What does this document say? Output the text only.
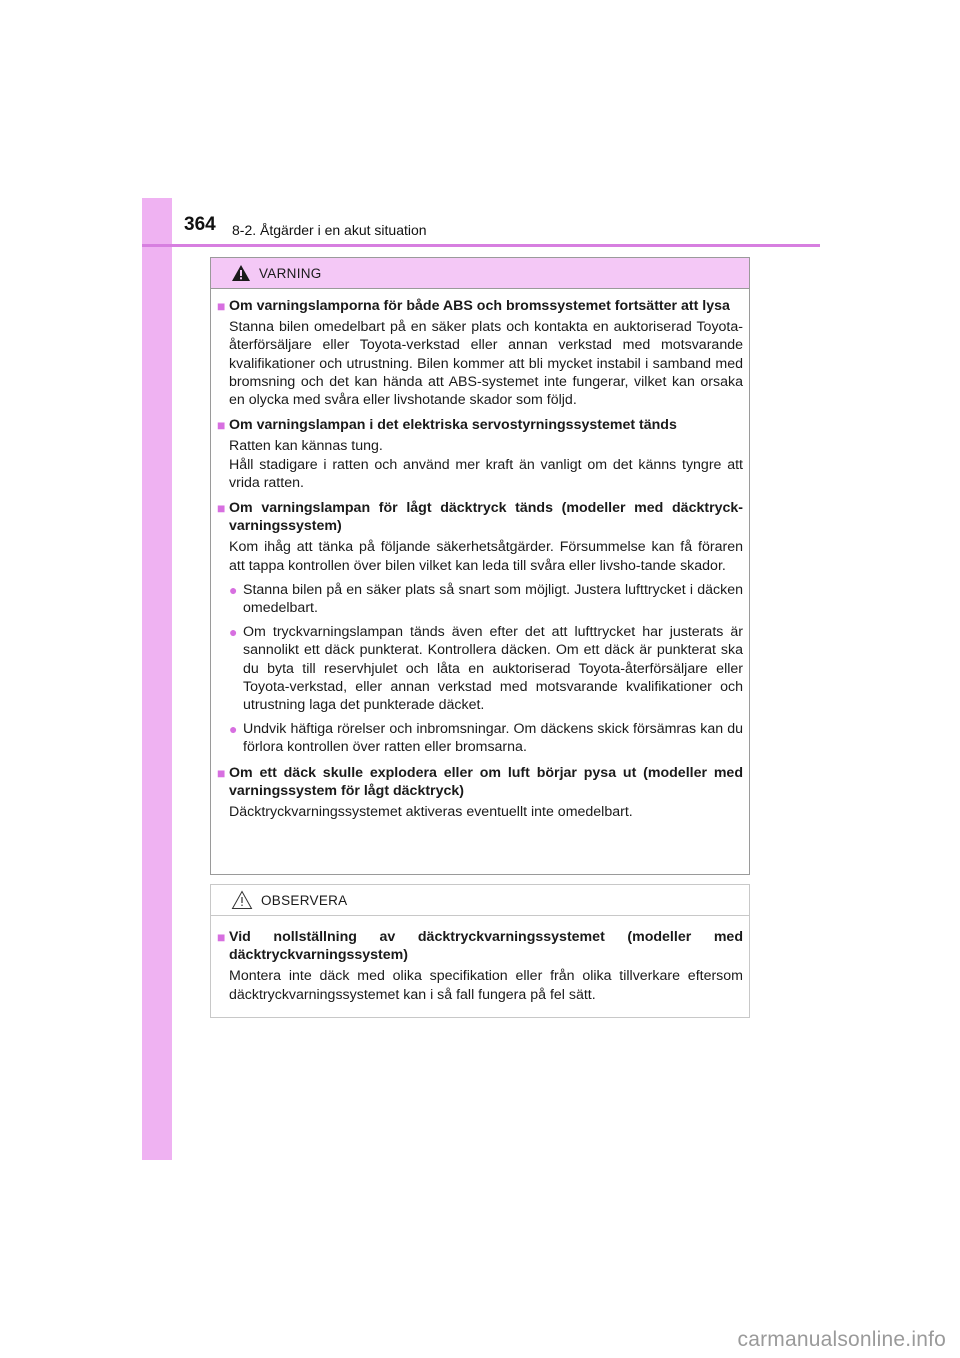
364 8-2. Åtgärder i en akut situation
VARNING
■ Om varningslamporna för både ABS och bromssystemet fortsätter att lysa
Stanna bilen omedelbart på en säker plats och kontakta en auktoriserad Toyota-återförsäljare eller Toyota-verkstad eller annan verkstad med motsvarande kvalifikationer och utrustning. Bilen kommer att bli mycket instabil i samband med bromsning och det kan hända att ABS-systemet inte fungerar, vilket kan orsaka en olycka med svåra eller livshotande skador som följd.
■ Om varningslampan i det elektriska servostyrningssystemet tänds
Ratten kan kännas tung.
Håll stadigare i ratten och använd mer kraft än vanligt om det känns tyngre att vrida ratten.
■ Om varningslampan för lågt däcktryck tänds (modeller med däcktryck-varningssystem)
Kom ihåg att tänka på följande säkerhetsåtgärder. Försummelse kan få föraren att tappa kontrollen över bilen vilket kan leda till svåra eller livsho-tande skador.
● Stanna bilen på en säker plats så snart som möjligt. Justera lufttrycket i däcken omedelbart.
● Om tryckvarningslampan tänds även efter det att lufttrycket har justerats är sannolikt ett däck punkterat. Kontrollera däcken. Om ett däck är punkterat ska du byta till reservhjulet och låta en auktoriserad Toyota-återförsäljare eller Toyota-verkstad, eller annan verkstad med motsvarande kvalifikationer och utrustning laga det punkterade däcket.
● Undvik häftiga rörelser och inbromsningar. Om däckens skick försämras kan du förlora kontrollen över ratten eller bromsarna.
■ Om ett däck skulle explodera eller om luft börjar pysa ut (modeller med varningssystem för lågt däcktryck)
Däcktryckvarningssystemet aktiveras eventuellt inte omedelbart.
OBSERVERA
■ Vid nollställning av däcktryckvarningssystemet (modeller med däcktryckvarningssystem)
Montera inte däck med olika specifikation eller från olika tillverkare eftersom däcktryckvarningssystemet kan i så fall fungera på fel sätt.
carmanualsonline.info
